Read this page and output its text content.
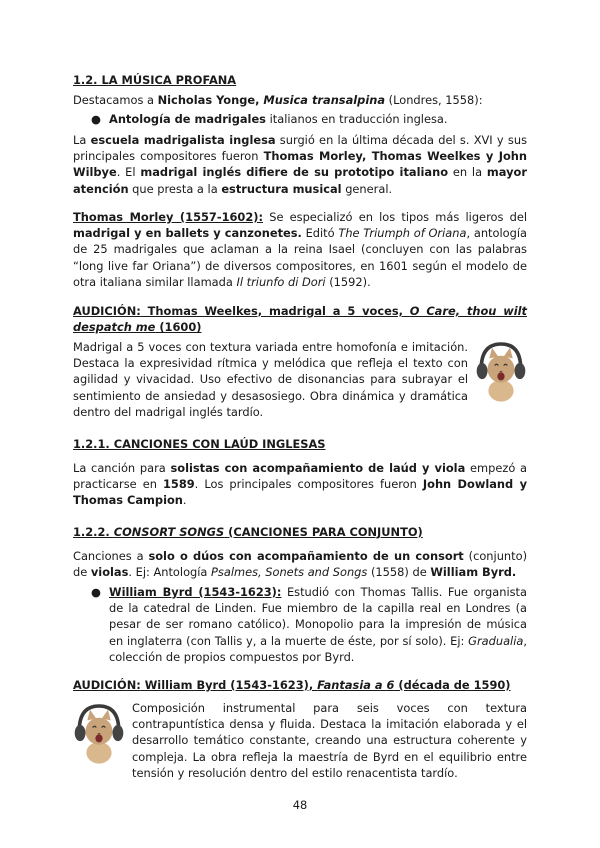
1.2. LA MÚSICA PROFANA

Destacamos a Nicholas Yonge, Musica transalpina (Londres, 1558):

● Antología de madrigales italianos en traducción inglesa.

La escuela madrigalista inglesa surgió en la última década del s. XVI y sus principales compositores fueron Thomas Morley, Thomas Weelkes y John Wilbye. El madrigal inglés difiere de su prototipo italiano en la mayor atención que presta a la estructura musical general.

Thomas Morley (1557-1602): Se especializó en los tipos más ligeros del madrigal y en ballets y canzonetes. Editó The Triumph of Oriana, antología de 25 madrigales que aclaman a la reina Isael (concluyen con las palabras “long live far Oriana”) de diversos compositores, en 1601 según el modelo de otra italiana similar llamada Il triunfo di Dori (1592).

AUDICIÓN: Thomas Weelkes, madrigal a 5 voces, O Care, thou wilt despatch me (1600)

Madrigal a 5 voces con textura variada entre homofonía e imitación. Destaca la expresividad rítmica y melódica que refleja el texto con agilidad y vivacidad. Uso efectivo de disonancias para subrayar el sentimiento de ansiedad y desasosiego. Obra dinámica y dramática dentro del madrigal inglés tardío.

1.2.1. CANCIONES CON LAÚD INGLESAS

La canción para solistas con acompañamiento de laúd y viola empezó a practicarse en 1589. Los principales compositores fueron John Dowland y Thomas Campion.

1.2.2. CONSORT SONGS (CANCIONES PARA CONJUNTO)

Canciones a solo o dúos con acompañamiento de un consort (conjunto) de violas. Ej: Antología Psalmes, Sonets and Songs (1558) de William Byrd.

● William Byrd (1543-1623): Estudió con Thomas Tallis. Fue organista de la catedral de Linden. Fue miembro de la capilla real en Londres (a pesar de ser romano católico). Monopolio para la impresión de música en inglaterra (con Tallis y, a la muerte de éste, por sí solo). Ej: Gradualia, colección de propios compuestos por Byrd.

AUDICIÓN: William Byrd (1543-1623), Fantasia a 6 (década de 1590)

Composición instrumental para seis voces con textura contrapuntística densa y fluida. Destaca la imitación elaborada y el desarrollo temático constante, creando una estructura coherente y compleja. La obra refleja la maestría de Byrd en el equilibrio entre tensión y resolución dentro del estilo renacentista tardío.

48
